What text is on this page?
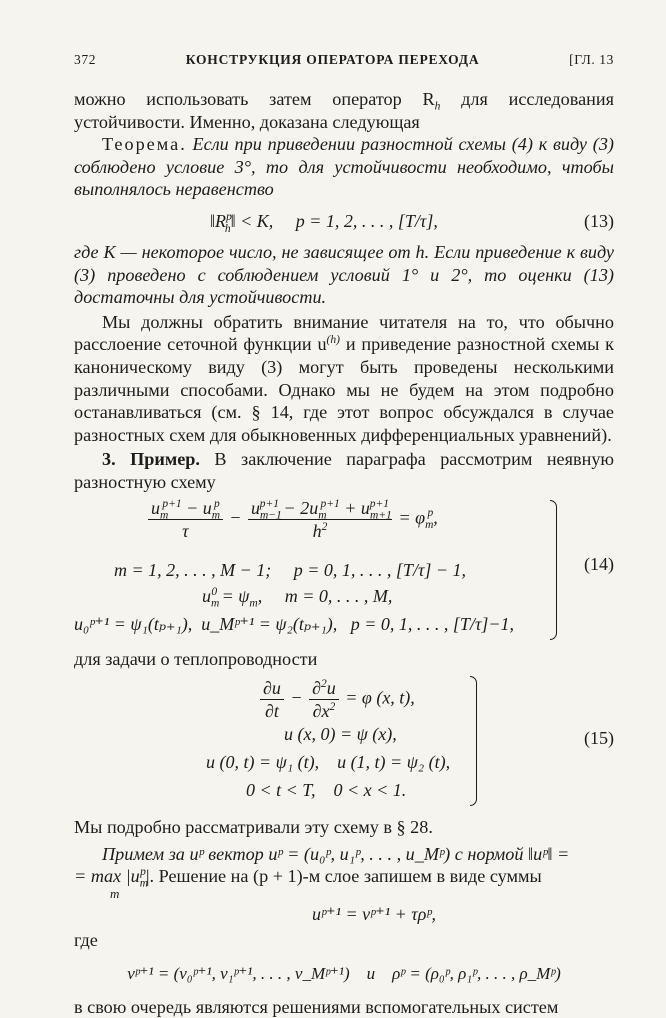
372	КОНСТРУКЦИЯ ОПЕРАТОРА ПЕРЕХОДА	[ГЛ. 13

можно использовать затем оператор $R_h$ для исследования устойчивости. Именно, доказана следующая

Теорема. Если при приведении разностной схемы (4) к виду (3) соблюдено условие 3°, то для устойчивости необходимо, чтобы выполнялось неравенство

$‖R^p_h‖ < K$,     p = 1, 2, . . . , [T/τ],	(13)

где K — некоторое число, не зависящее от h. Если приведение к виду (3) проведено с соблюдением условий 1° и 2°, то оценки (13) достаточны для устойчивости.

Мы должны обратить внимание читателя на то, что обычно расслоение сеточной функции $u^{(h)}$ и приведение разностной схемы к каноническому виду (3) могут быть проведены несколькими различными способами. Однако мы не будем на этом подробно останавливаться (см. § 14, где этот вопрос обсуждался в случае разностных схем для обыкновенных дифференциальных уравнений).

3. Пример. В заключение параграфа рассмотрим неявную разностную схему

$\frac{u_m^{p+1} - u_m^p}{\tau} - \frac{u_{m-1}^{p+1} - 2u_m^{p+1} + u_{m+1}^{p+1}}{h^2} = \varphi_m^p$,
m = 1, 2, . . . , M − 1;     p = 0, 1, . . . , [T/τ] − 1,
$u_m^0 = \psi_m$,     m = 0, . . . , M,
u₀ᵖ⁺¹ = ψ₁(tₚ₊₁),  u_Mᵖ⁺¹ = ψ₂(tₚ₊₁),   p = 0, 1, . . . , [T/τ]−1,
(14)

для задачи о теплопроводности

$\frac{\partial u}{\partial t} - \frac{\partial^2u}{\partial x^2} = \varphi$ (x, t),
u (x, 0) = ψ (x),
u (0, t) = ψ₁ (t),    u (1, t) = ψ₂ (t),
0 < t < T,    0 < x < 1.
(15)

Мы подробно рассматривали эту схему в § 28.

Примем за uᵖ вектор uᵖ = (u₀ᵖ, u₁ᵖ, . . . , u_Mᵖ) с нормой ‖uᵖ‖ =

= $\max |u_m^p|$. Решение на (p + 1)-м слое запишем в виде суммы
m

uᵖ⁺¹ = vᵖ⁺¹ + τρᵖ,

где

vᵖ⁺¹ = (v₀ᵖ⁺¹, v₁ᵖ⁺¹, . . . , v_Mᵖ⁺¹)    и    ρᵖ = (ρ₀ᵖ, ρ₁ᵖ, . . . , ρ_Mᵖ)

в свою очередь являются решениями вспомогательных систем
